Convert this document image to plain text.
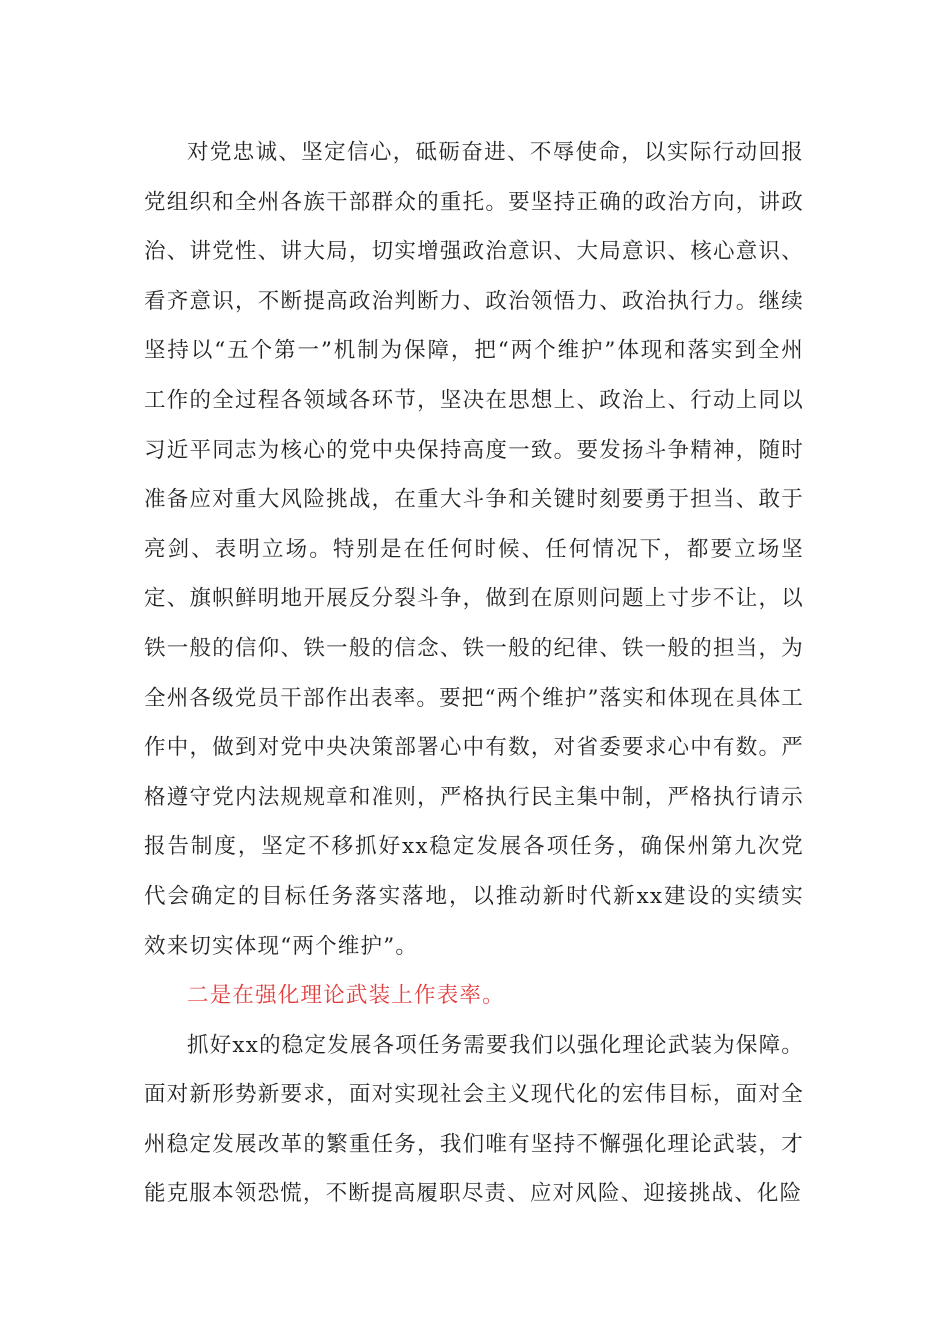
对党忠诚、坚定信心，砥砺奋进、不辱使命，以实际行动回报党组织和全州各族干部群众的重托。要坚持正确的政治方向，讲政治、讲党性、讲大局，切实增强政治意识、大局意识、核心意识、看齐意识，不断提高政治判断力、政治领悟力、政治执行力。继续坚持以“五个第一”机制为保障，把“两个维护”体现和落实到全州工作的全过程各领域各环节，坚决在思想上、政治上、行动上同以习近平同志为核心的党中央保持高度一致。要发扬斗争精神，随时准备应对重大风险挑战，在重大斗争和关键时刻要勇于担当、敢于亮剑、表明立场。特别是在任何时候、任何情况下，都要立场坚定、旗帜鲜明地开展反分裂斗争，做到在原则问题上寸步不让，以铁一般的信仰、铁一般的信念、铁一般的纪律、铁一般的担当，为全州各级党员干部作出表率。要把“两个维护”落实和体现在具体工作中，做到对党中央决策部署心中有数，对省委要求心中有数。严格遵守党内法规规章和准则，严格执行民主集中制，严格执行请示报告制度，坚定不移抓好xx稳定发展各项任务，确保州第九次党代会确定的目标任务落实落地，以推动新时代新xx建设的实绩实效来切实体现“两个维护”。

二是在强化理论武装上作表率。

抓好xx的稳定发展各项任务需要我们以强化理论武装为保障。面对新形势新要求，面对实现社会主义现代化的宏伟目标，面对全州稳定发展改革的繁重任务，我们唯有坚持不懈强化理论武装，才能克服本领恐慌，不断提高履职尽责、应对风险、迎接挑战、化险
